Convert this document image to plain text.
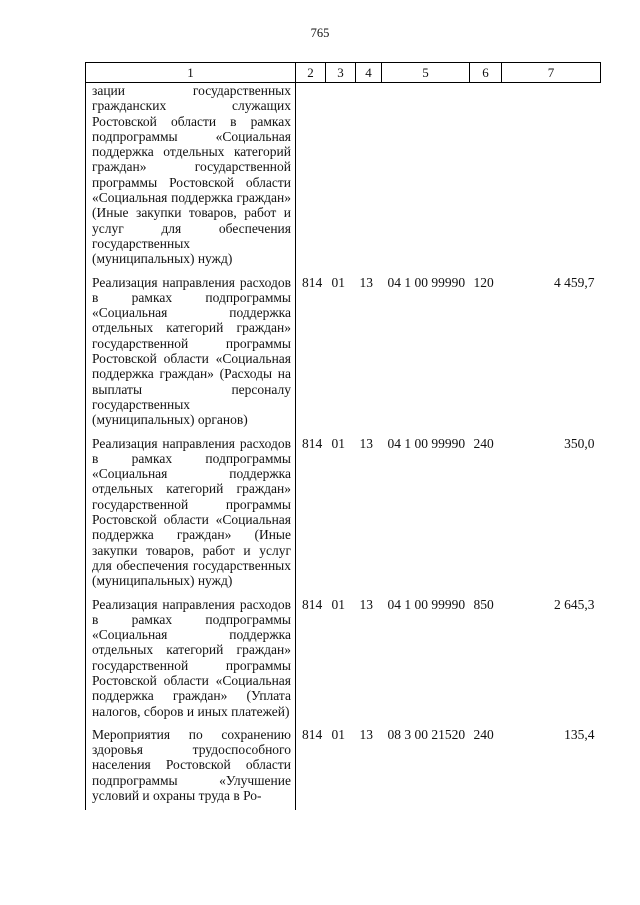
765
1	2	3	4	5	6	7
зации государственных гражданских служащих Ростовской области в рамках подпрограммы «Социальная поддержка отдельных категорий граждан» государственной программы Ростовской области «Социальная поддержка граждан» (Иные закупки товаров, работ и услуг для обеспечения государственных (муниципальных) нужд)						
Реализация направления расходов в рамках подпрограммы «Социальная поддержка отдельных категорий граждан» государственной программы Ростовской области «Социальная поддержка граждан» (Расходы на выплаты персоналу государственных (муниципальных) органов)	814	01	13	04 1 00 99990	120	4 459,7
Реализация направления расходов в рамках подпрограммы «Социальная поддержка отдельных категорий граждан» государственной программы Ростовской области «Социальная поддержка граждан» (Иные закупки товаров, работ и услуг для обеспечения государственных (муниципальных) нужд)	814	01	13	04 1 00 99990	240	350,0
Реализация направления расходов в рамках подпрограммы «Социальная поддержка отдельных категорий граждан» государственной программы Ростовской области «Социальная поддержка граждан» (Уплата налогов, сборов и иных платежей)	814	01	13	04 1 00 99990	850	2 645,3
Мероприятия по сохранению здоровья трудоспособного населения Ростовской области подпрограммы «Улучшение условий и охраны труда в Ро-	814	01	13	08 3 00 21520	240	135,4
